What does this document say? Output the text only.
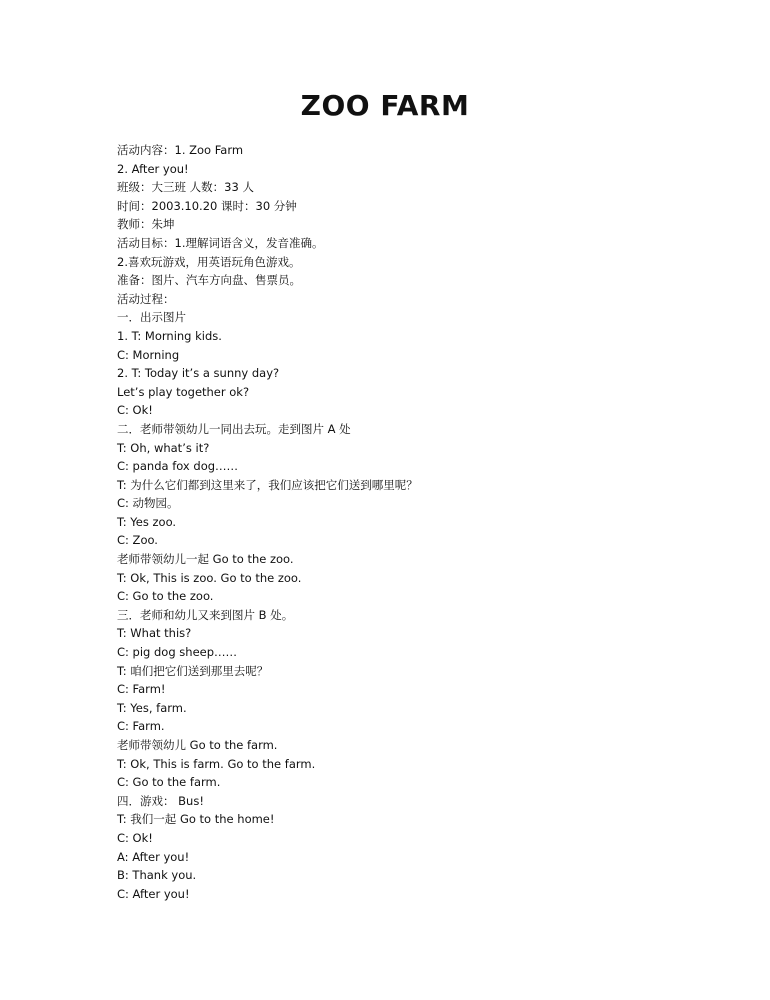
ZOO FARM
活动内容：1. Zoo Farm
2. After you!
班级：大三班 人数：33 人
时间：2003.10.20 课时：30 分钟
教师：朱坤
活动目标：1.理解词语含义，发音准确。
2.喜欢玩游戏，用英语玩角色游戏。
准备：图片、汽车方向盘、售票员。
活动过程：
一．出示图片
1. T: Morning kids.
C: Morning
2. T: Today it’s a sunny day?
Let’s play together ok?
C: Ok!
二．老师带领幼儿一同出去玩。走到图片 A 处
T: Oh, what’s it?
C: panda fox dog……
T: 为什么它们都到这里来了，我们应该把它们送到哪里呢？
C: 动物园。
T: Yes zoo.
C: Zoo.
老师带领幼儿一起 Go to the zoo.
T: Ok, This is zoo. Go to the zoo.
C: Go to the zoo.
三．老师和幼儿又来到图片 B 处。
T: What this?
C: pig dog sheep……
T: 咱们把它们送到那里去呢？
C: Farm!
T: Yes, farm.
C: Farm.
老师带领幼儿 Go to the farm.
T: Ok, This is farm. Go to the farm.
C: Go to the farm.
四．游戏： Bus!
T: 我们一起 Go to the home!
C: Ok!
A: After you!
B: Thank you.
C: After you!
